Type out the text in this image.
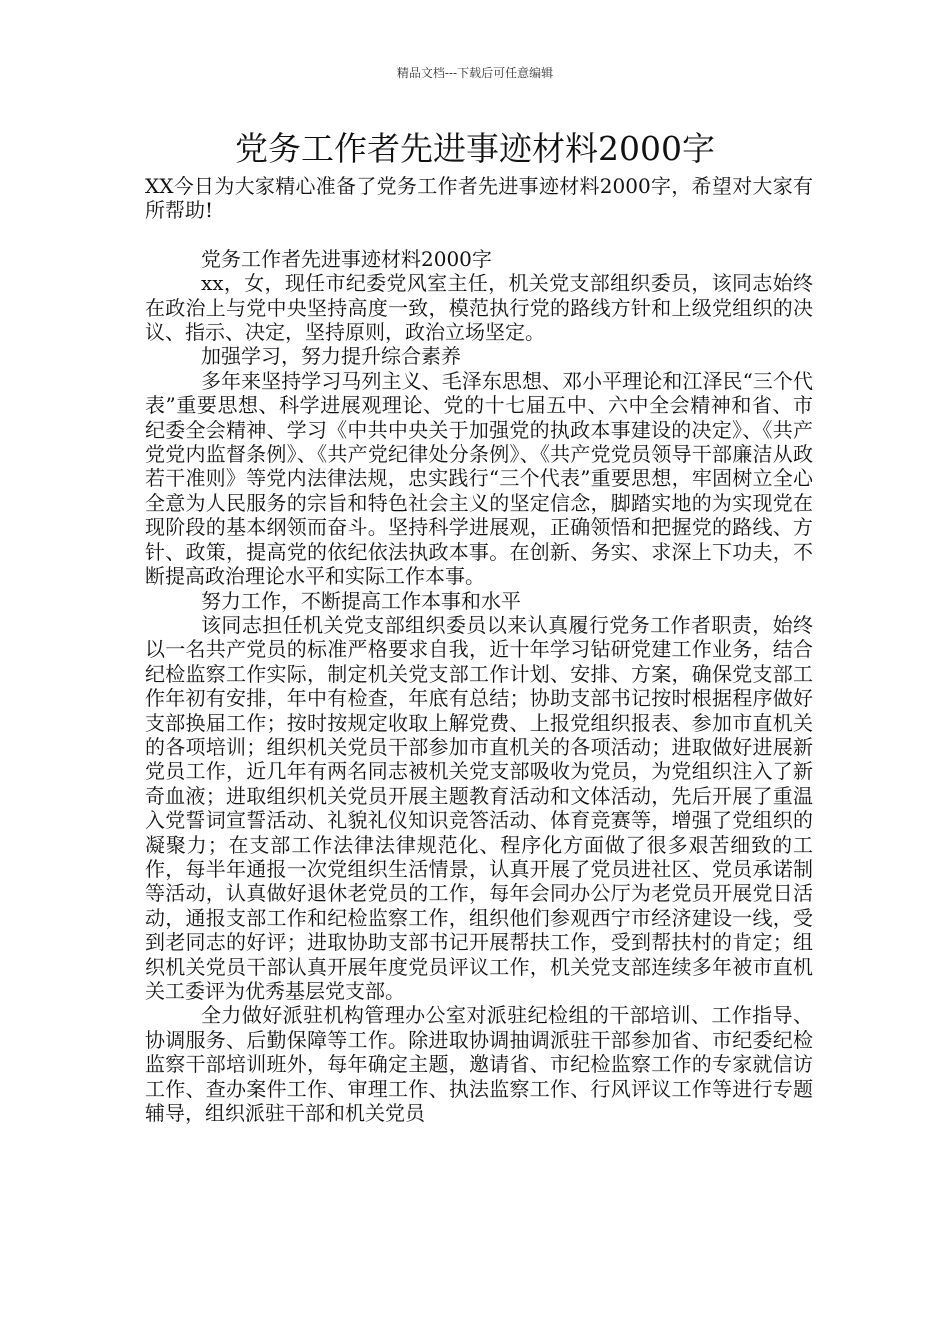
精品文档---下载后可任意编辑
党务工作者先进事迹材料2000字

XX今日为大家精心准备了党务工作者先进事迹材料2000字，希望对大家有所帮助!

党务工作者先进事迹材料2000字

xx，女，现任市纪委党风室主任，机关党支部组织委员，该同志始终在政治上与党中央坚持高度一致，模范执行党的路线方针和上级党组织的决议、指示、决定，坚持原则，政治立场坚定。

加强学习，努力提升综合素养

多年来坚持学习马列主义、毛泽东思想、邓小平理论和江泽民“三个代表”重要思想、科学进展观理论、党的十七届五中、六中全会精神和省、市纪委全会精神、学习《中共中央关于加强党的执政本事建设的决定》、《共产党党内监督条例》、《共产党纪律处分条例》、《共产党党员领导干部廉洁从政若干准则》等党内法律法规，忠实践行“三个代表”重要思想，牢固树立全心全意为人民服务的宗旨和特色社会主义的坚定信念，脚踏实地的为实现党在现阶段的基本纲领而奋斗。坚持科学进展观，正确领悟和把握党的路线、方针、政策，提高党的依纪依法执政本事。在创新、务实、求深上下功夫，不断提高政治理论水平和实际工作本事。

努力工作，不断提高工作本事和水平

该同志担任机关党支部组织委员以来认真履行党务工作者职责，始终以一名共产党员的标准严格要求自我，近十年学习钻研党建工作业务，结合纪检监察工作实际，制定机关党支部工作计划、安排、方案，确保党支部工作年初有安排，年中有检查，年底有总结；协助支部书记按时根据程序做好支部换届工作；按时按规定收取上解党费、上报党组织报表、参加市直机关的各项培训；组织机关党员干部参加市直机关的各项活动；进取做好进展新党员工作，近几年有两名同志被机关党支部吸收为党员，为党组织注入了新奇血液；进取组织机关党员开展主题教育活动和文体活动，先后开展了重温入党誓词宣誓活动、礼貌礼仪知识竞答活动、体育竞赛等，增强了党组织的凝聚力；在支部工作法律法律规范化、程序化方面做了很多艰苦细致的工作，每半年通报一次党组织生活情景，认真开展了党员进社区、党员承诺制等活动，认真做好退休老党员的工作，每年会同办公厅为老党员开展党日活动，通报支部工作和纪检监察工作，组织他们参观西宁市经济建设一线，受到老同志的好评；进取协助支部书记开展帮扶工作，受到帮扶村的肯定；组织机关党员干部认真开展年度党员评议工作，机关党支部连续多年被市直机关工委评为优秀基层党支部。

全力做好派驻机构管理办公室对派驻纪检组的干部培训、工作指导、协调服务、后勤保障等工作。除进取协调抽调派驻干部参加省、市纪委纪检监察干部培训班外，每年确定主题，邀请省、市纪检监察工作的专家就信访工作、查办案件工作、审理工作、执法监察工作、行风评议工作等进行专题辅导，组织派驻干部和机关党员
